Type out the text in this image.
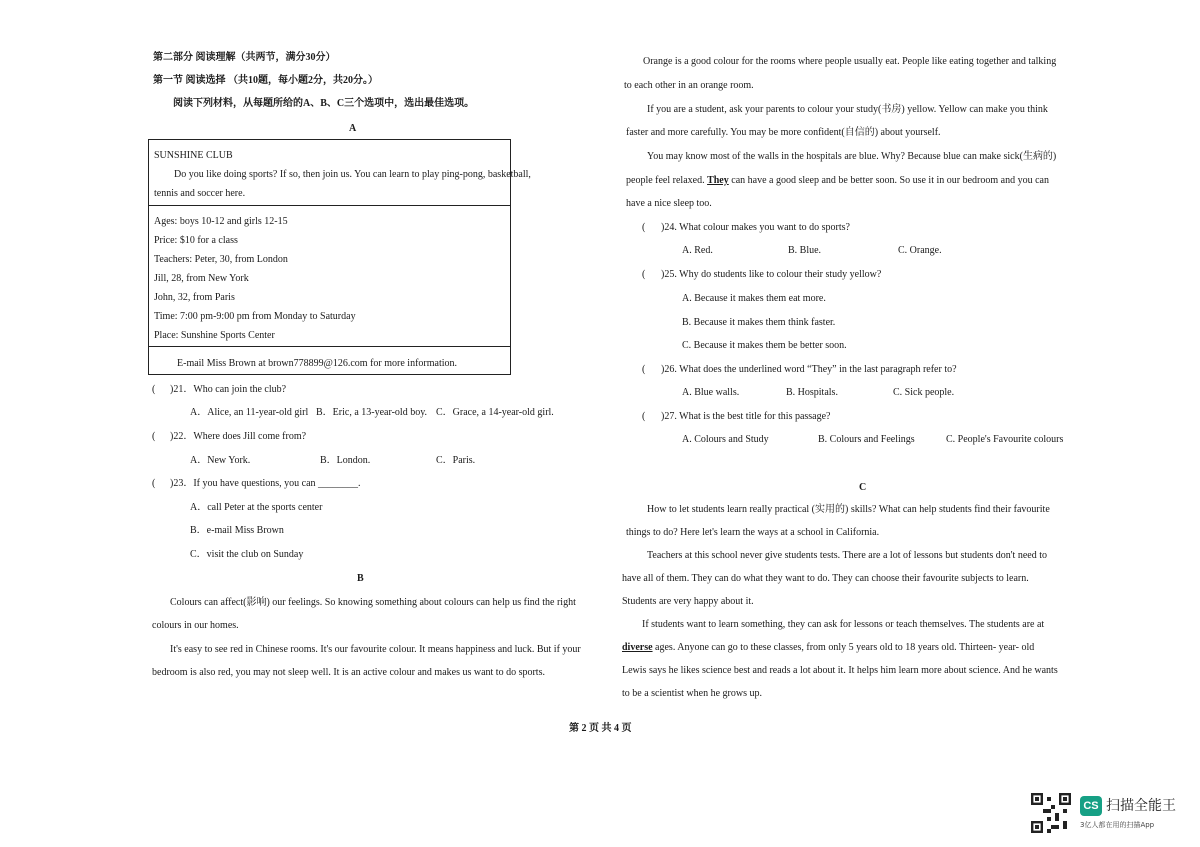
第二部分 阅读理解（共两节，满分30分）
第一节 阅读选择 （共10题，每小题2分，共20分。）
阅读下列材料，从每题所给的A、B、C三个选项中，选出最佳选项。
A
SUNSHINE CLUB
Do you like doing sports? If so, then join us. You can learn to play ping-pong, basketball,
tennis and soccer here.
Ages: boys 10-12 and girls 12-15
Price: $10 for a class
Teachers: Peter, 30, from London
Jill, 28, from New York
John, 32, from Paris
Time: 7:00 pm-9:00 pm from Monday to Saturday
Place: Sunshine Sports Center
E-mail Miss Brown at brown778899@126.com for more information.
( )21．Who can join the club?
A．Alice, an 11-year-old girl B．Eric, a 13-year-old boy. C．Grace, a 14-year-old girl.
( )22．Where does Jill come from?
A．New York.	B．London.	C．Paris.
( )23．If you have questions, you can ________.
A．call Peter at the sports center
B．e-mail Miss Brown
C．visit the club on Sunday
B
Colours can affect(影响) our feelings. So knowing something about colours can help us find the right
colours in our homes.
It's easy to see red in Chinese rooms. It's our favourite colour. It means happiness and luck. But if your
bedroom is also red, you may not sleep well. It is an active colour and makes us want to do sports.
Orange is a good colour for the rooms where people usually eat. People like eating together and talking
to each other in an orange room.
If you are a student, ask your parents to colour your study(书房) yellow. Yellow can make you think
faster and more carefully. You may be more confident(自信的) about yourself.
You may know most of the walls in the hospitals are blue. Why? Because blue can make sick(生病的)
people feel relaxed. They can have a good sleep and be better soon. So use it in our bedroom and you can
have a nice sleep too.
( )24. What colour makes you want to do sports?
A. Red.	B. Blue.	C. Orange.
( )25. Why do students like to colour their study yellow?
A. Because it makes them eat more.
B. Because it makes them think faster.
C. Because it makes them be better soon.
( )26. What does the underlined word “They” in the last paragraph refer to?
A. Blue walls.	B. Hospitals.	C. Sick people.
( )27. What is the best title for this passage?
A. Colours and Study	B. Colours and Feelings	C. People's Favourite colours
C
How to let students learn really practical (实用的) skills? What can help students find their favourite
things to do? Here let's learn the ways at a school in California.
Teachers at this school never give students tests. There are a lot of lessons but students don't need to
have all of them. They can do what they want to do. They can choose their favourite subjects to learn.
Students are very happy about it.
If students want to learn something, they can ask for lessons or teach themselves. The students are at
diverse ages. Anyone can go to these classes, from only 5 years old to 18 years old. Thirteen- year- old
Lewis says he likes science best and reads a lot about it. It helps him learn more about science. And he wants
to be a scientist when he grows up.
第 2 页 共 4 页
CS 扫描全能王
3亿人都在用的扫描App
